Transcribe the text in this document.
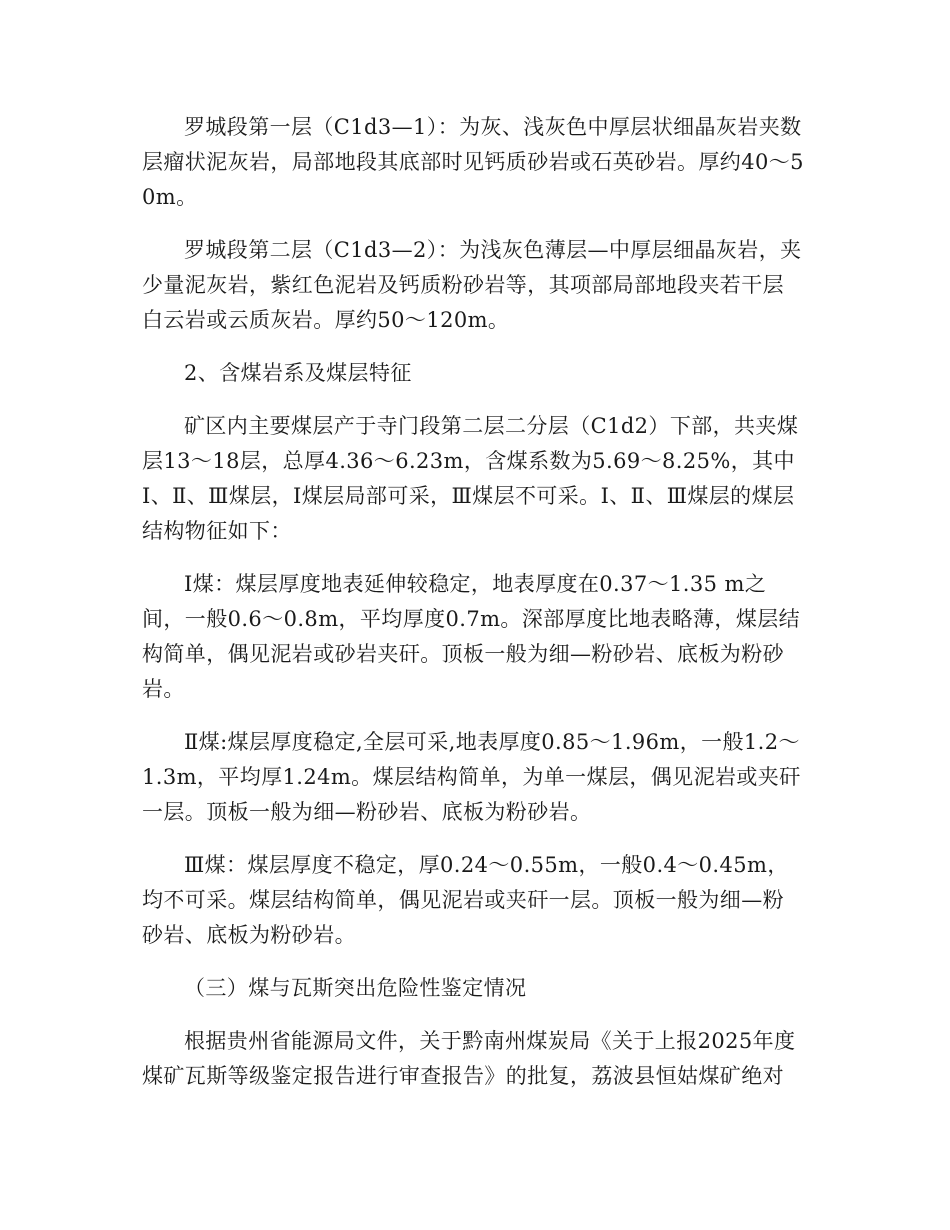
罗城段第一层（C1d3—1）：为灰、浅灰色中厚层状细晶灰岩夹数层瘤状泥灰岩，局部地段其底部时见钙质砂岩或石英砂岩。厚约40～50m。

罗城段第二层（C1d3—2）：为浅灰色薄层—中厚层细晶灰岩，夹少量泥灰岩，紫红色泥岩及钙质粉砂岩等，其项部局部地段夹若干层白云岩或云质灰岩。厚约50～120m。

2、含煤岩系及煤层特征

矿区内主要煤层产于寺门段第二层二分层（C1d2）下部，共夹煤层13～18层，总厚4.36～6.23m，含煤系数为5.69～8.25%，其中Ⅰ、Ⅱ、Ⅲ煤层，Ⅰ煤层局部可采，Ⅲ煤层不可采。Ⅰ、Ⅱ、Ⅲ煤层的煤层结构物征如下：

Ⅰ煤：煤层厚度地表延伸较稳定，地表厚度在0.37～1.35 m之间，一般0.6～0.8m，平均厚度0.7m。深部厚度比地表略薄，煤层结构简单，偶见泥岩或砂岩夹矸。顶板一般为细—粉砂岩、底板为粉砂岩。

Ⅱ煤:煤层厚度稳定,全层可采,地表厚度0.85～1.96m，一般1.2～1.3m，平均厚1.24m。煤层结构简单，为单一煤层，偶见泥岩或夹矸一层。顶板一般为细—粉砂岩、底板为粉砂岩。

Ⅲ煤：煤层厚度不稳定，厚0.24～0.55m，一般0.4～0.45m，均不可采。煤层结构简单，偶见泥岩或夹矸一层。顶板一般为细—粉砂岩、底板为粉砂岩。

（三）煤与瓦斯突出危险性鉴定情况

根据贵州省能源局文件，关于黔南州煤炭局《关于上报2025年度煤矿瓦斯等级鉴定报告进行审查报告》的批复，荔波县恒姑煤矿绝对
